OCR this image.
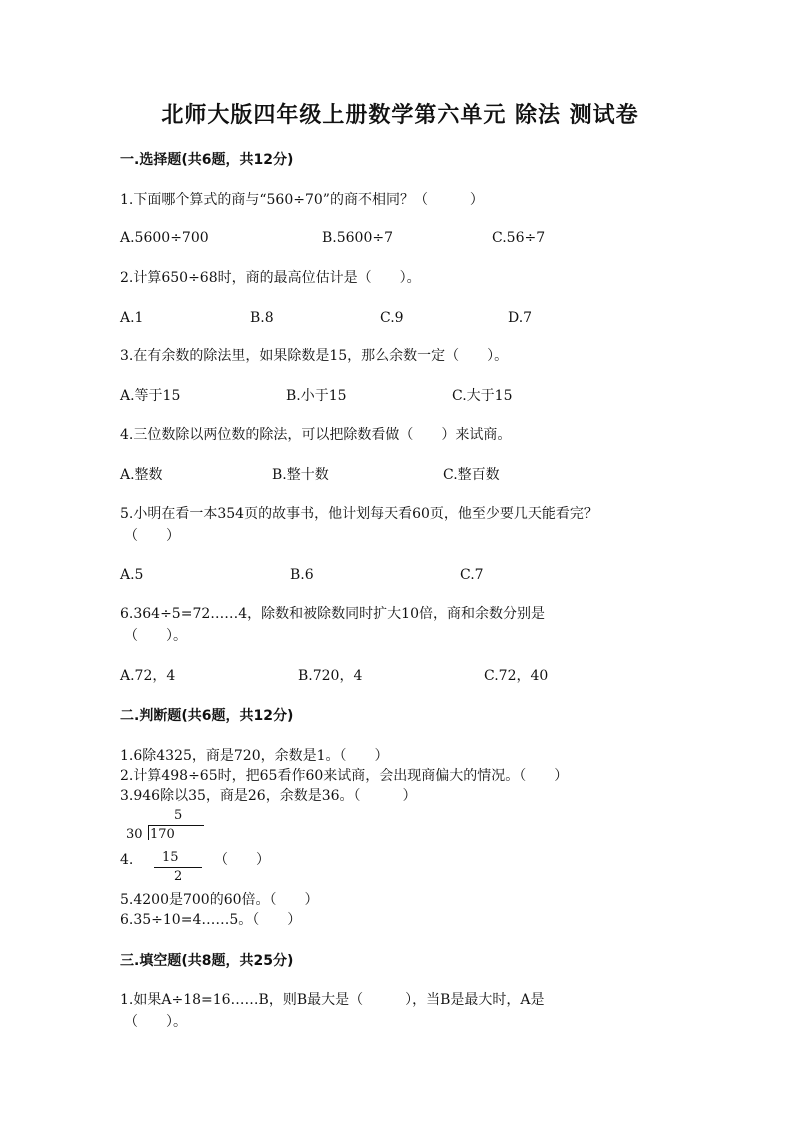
北师大版四年级上册数学第六单元 除法 测试卷
一.选择题(共6题，共12分)
1.下面哪个算式的商与“560÷70”的商不相同？（　　　）
A.5600÷700	B.5600÷7	C.56÷7
2.计算650÷68时，商的最高位估计是（　　）。
A.1	B.8	C.9	D.7
3.在有余数的除法里，如果除数是15，那么余数一定（　　）。
A.等于15	B.小于15	C.大于15
4.三位数除以两位数的除法，可以把除数看做（　　）来试商。
A.整数	B.整十数	C.整百数
5.小明在看一本354页的故事书，他计划每天看60页，他至少要几天能看完？
（　　）
A.5	B.6	C.7
6.364÷5=72……4，除数和被除数同时扩大10倍，商和余数分别是
（　　）。
A.72，4	B.720，4	C.72，40
二.判断题(共6题，共12分)
1.6除4325，商是720，余数是1。（　　）
2.计算498÷65时，把65看作60来试商，会出现商偏大的情况。（　　）
3.946除以35，商是26，余数是36。（　　　）
5
30 170
15
2
4.	（　　）
5.4200是700的60倍。（　　）
6.35÷10=4……5。（　　）
三.填空题(共8题，共25分)
1.如果A÷18=16……B，则B最大是（　　　），当B是最大时，A是
（　　）。
